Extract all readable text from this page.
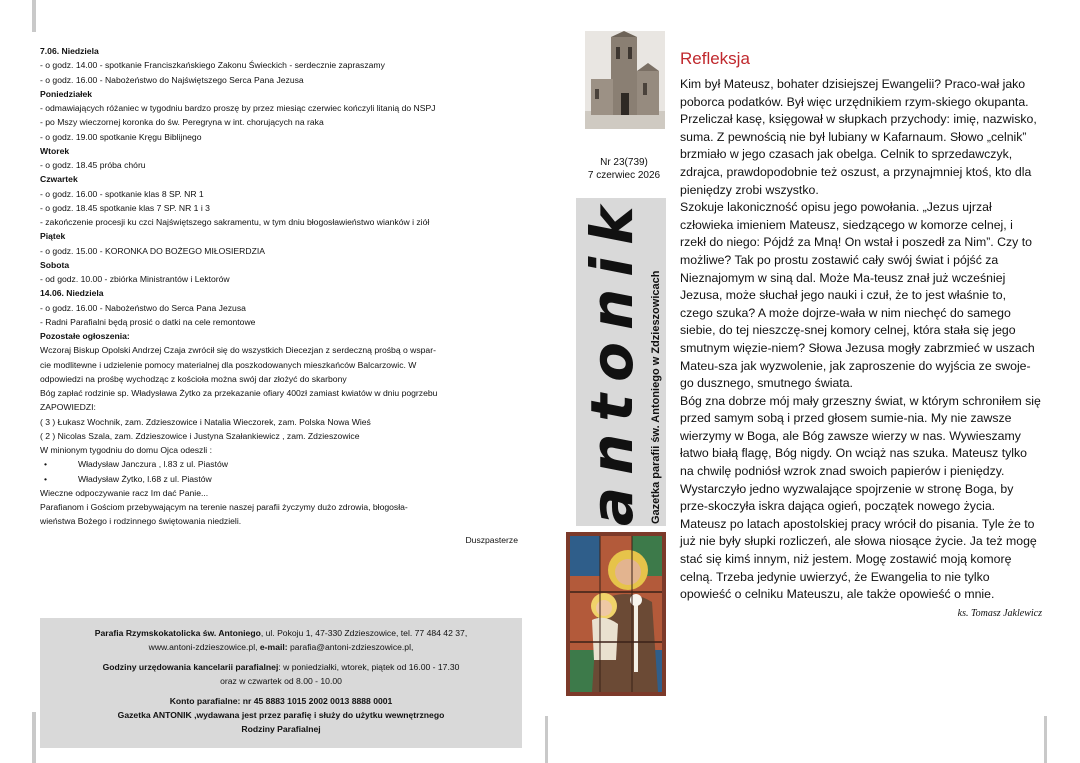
7.06. Niedziela
- o godz. 14.00 - spotkanie Franciszkańskiego Zakonu Świeckich - serdecznie zapraszamy
- o godz. 16.00 - Nabożeństwo do Najświętszego Serca Pana Jezusa
Poniedziałek
- odmawiających różaniec w tygodniu bardzo proszę by przez miesiąc czerwiec kończyli litanią do NSPJ
- po Mszy wieczornej koronka do św. Peregryna w int. chorujących na raka
- o godz. 19.00 spotkanie Kręgu Biblijnego
Wtorek
- o godz. 18.45 próba chóru
Czwartek
- o godz. 16.00 - spotkanie klas 8 SP. NR 1
- o godz. 18.45 spotkanie klas 7 SP. NR 1 i 3
- zakończenie procesji ku czci Najświętszego sakramentu, w tym dniu błogosławieństwo wianków i ziół
Piątek
- o godz. 15.00 - KORONKA DO BOŻEGO MIŁOSIERDZIA
Sobota
- od godz. 10.00 - zbiórka Ministrantów i Lektorów
14.06. Niedziela
- o godz. 16.00 - Nabożeństwo do Serca Pana Jezusa
- Radni Parafialni będą prosić o datki na cele remontowe
Pozostałe ogłoszenia:
Wczoraj Biskup Opolski Andrzej Czaja zwrócił się do wszystkich Diecezjan z serdeczną prośbą o wspar-
cie modlitewne i udzielenie pomocy materialnej dla poszkodowanych mieszkańców Balcarzowic. W
odpowiedzi na prośbę wychodząc z kościoła można swój dar złożyć do skarbony
Bóg zapłać rodzinie sp. Władysława Żytko za przekazanie ofiary 400zł zamiast kwiatów w dniu pogrzebu
ZAPOWIEDZI:
( 3 ) Łukasz Wochnik, zam. Zdzieszowice i Natalia Wieczorek, zam. Polska Nowa Wieś
( 2 ) Nicolas Szala, zam. Zdzieszowice i Justyna Szałankiewicz , zam. Zdzieszowice
W minionym tygodniu do domu Ojca odeszli :
•	Władysław Janczura , l.83 z ul. Piastów
•	Władysław Żytko, l.68 z ul. Piastów
Wieczne odpoczywanie racz Im dać Panie...
Parafianom i Gościom przebywającym na terenie naszej parafii życzymy dużo zdrowia, błogosła-
wieństwa Bożego i rodzinnego świętowania niedzieli.
Duszpasterze
Parafia Rzymskokatolicka św. Antoniego, ul. Pokoju 1, 47-330 Zdzieszowice, tel. 77 484 42 37,
www.antoni-zdzieszowice.pl, e-mail: parafia@antoni-zdzieszowice.pl,
Godziny urzędowania kancelarii parafialnej: w poniedziałki, wtorek, piątek od 16.00 - 17.30
oraz w czwartek od 8.00 - 10.00
Konto parafialne: nr 45 8883 1015 2002 0013 8888 0001
Gazetka ANTONIK ,wydawana jest przez parafię i służy do użytku wewnętrznego
Rodziny Parafialnej
Nr 23(739)
7 czerwiec 2026
antonik Gazetka parafii św. Antoniego w Zdzieszowicach
Refleksja

Kim był Mateusz, bohater dzisiejszej Ewangelii? Praco-wał jako poborca podatków. Był więc urzędnikiem rzym-skiego okupanta. Przeliczał kasę, księgował w słupkach przychody: imię, nazwisko, suma. Z pewnością nie był lubiany w Kafarnaum. Słowo „celnik” brzmiało w jego czasach jak obelga. Celnik to sprzedawczyk, zdrajca, prawdopodobnie też oszust, a przynajmniej ktoś, kto dla pieniędzy zrobi wszystko.

Szokuje lakoniczność opisu jego powołania. „Jezus ujrzał człowieka imieniem Mateusz, siedzącego w komorze celnej, i rzekł do niego: Pójdź za Mną! On wstał i poszedł za Nim”. Czy to możliwe? Tak po prostu zostawić cały swój świat i pójść za Nieznajomym w siną dal. Może Ma-teusz znał już wcześniej Jezusa, może słuchał jego nauki i czuł, że to jest właśnie to, czego szuka? A może dojrze-wała w nim niechęć do samego siebie, do tej nieszczę-snej komory celnej, która stała się jego smutnym więzie-niem? Słowa Jezusa mogły zabrzmieć w uszach Mateu-sza jak wyzwolenie, jak zaproszenie do wyjścia ze swoje-go dusznego, smutnego świata.

Bóg zna dobrze mój mały grzeszny świat, w którym schroniłem się przed samym sobą i przed głosem sumie-nia. My nie zawsze wierzymy w Boga, ale Bóg zawsze wierzy w nas. Wywieszamy łatwo białą flagę, Bóg nigdy. On wciąż nas szuka. Mateusz tylko na chwilę podniósł wzrok znad swoich papierów i pieniędzy. Wystarczyło jedno wyzwalające spojrzenie w stronę Boga, by prze-skoczyła iskra dająca ogień, początek nowego życia. Mateusz po latach apostolskiej pracy wrócił do pisania. Tyle że to już nie były słupki rozliczeń, ale słowa niosące życie. Ja też mogę stać się kimś innym, niż jestem. Mogę zostawić moją komorę celną. Trzeba jedynie uwierzyć, że Ewangelia to nie tylko opowieść o celniku Mateuszu, ale także opowieść o mnie.
ks. Tomasz Jaklewicz
